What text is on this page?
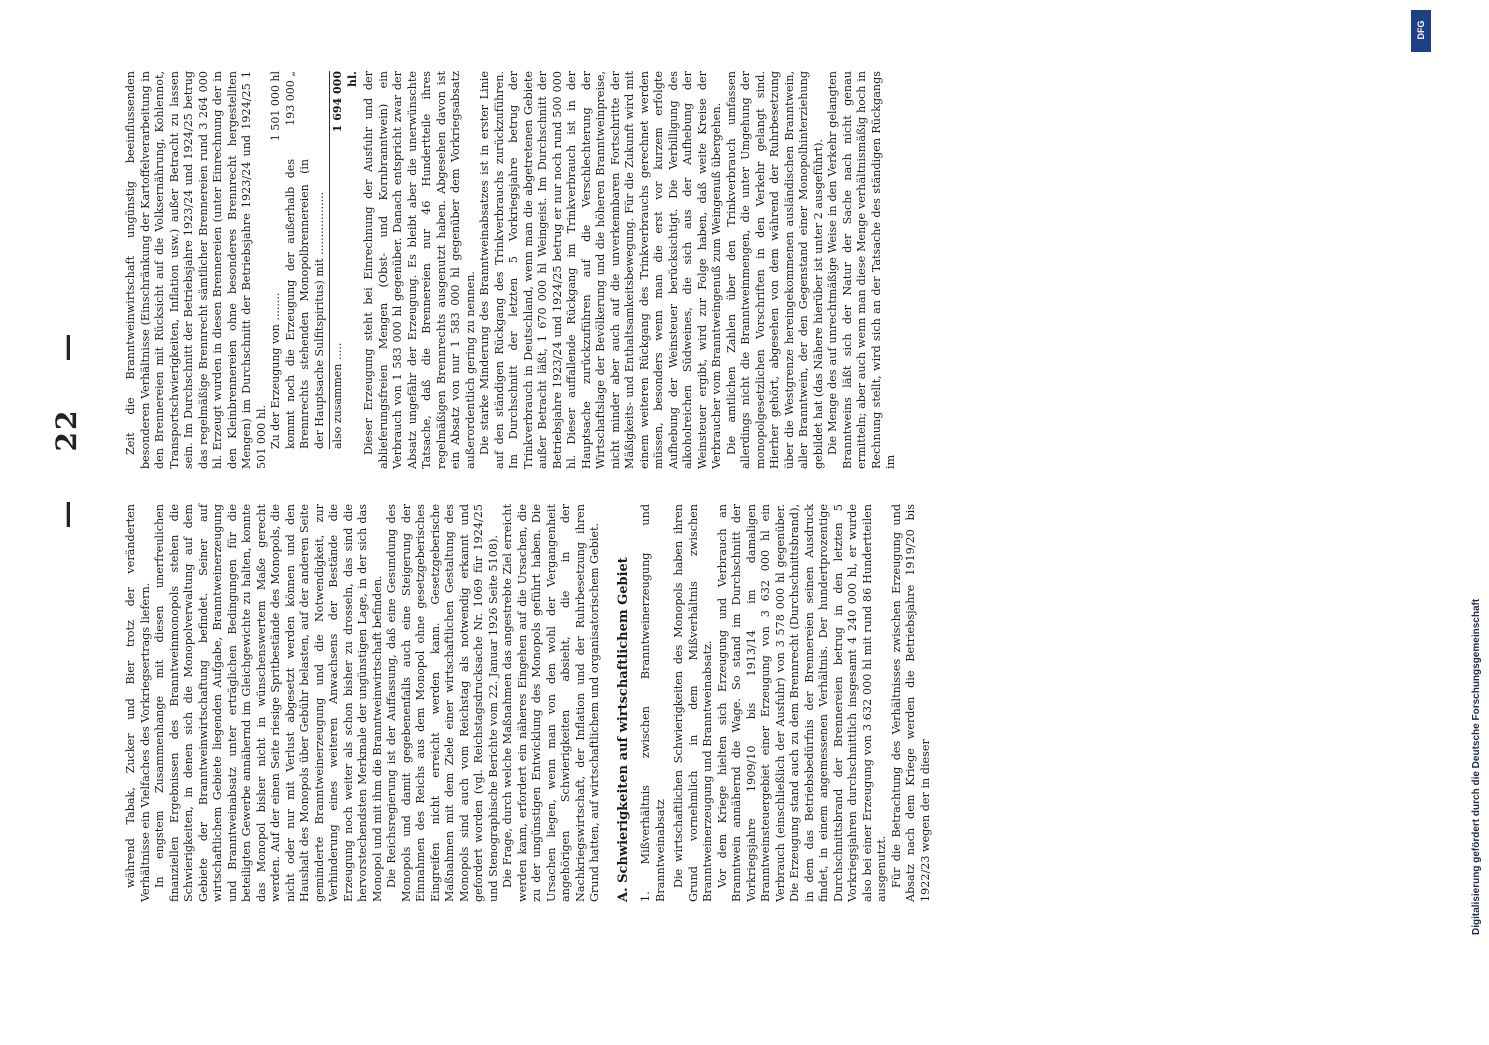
—    22    —

während Tabak, Zucker und Bier trotz der veränderten Verhältnisse ein Vielfaches des Vorkriegsertrags liefern. In engstem Zusammenhange mit diesen unerfreulichen finanziellen Ergebnissen des Branntweinmonopols stehen die Schwierigkeiten, in denen sich die Monopolverwaltung auf dem Gebiete der Branntweinwirtschaftung befindet. Seiner auf wirtschaftlichem Gebiete liegenden Aufgabe, Branntweinerzeugung und Branntweinabsatz unter erträglichen Bedingungen für die beteiligten Gewerbe annähernd im Gleichgewichte zu halten, konnte das Monopol bisher nicht in wünschenswertem Maße gerecht werden. Auf der einen Seite riesige Spritbestände des Monopols, die nicht oder nur mit Verlust abgesetzt werden können und den Haushalt des Monopols über Gebühr belasten, auf der anderen Seite geminderte Branntweinerzeugung und die Notwendigkeit, zur Verhinderung eines weiteren Anwachsens der Bestände die Erzeugung noch weiter als schon bisher zu drosseln, das sind die hervorstechendsten Merkmale der ungünstigen Lage, in der sich das Monopol und mit ihm die Branntweinwirtschaft befinden. Die Reichsregierung ist der Auffassung, daß eine Gesundung des Monopols und damit gegebenenfalls auch eine Steigerung der Einnahmen des Reichs aus dem Monopol ohne gesetzgeberisches Eingreifen nicht erreicht werden kann. Gesetzgeberische Maßnahmen mit dem Ziele einer wirtschaftlichen Gestaltung des Monopols sind auch vom Reichstag als notwendig erkannt und gefordert worden (vgl. Reichstagsdrucksache Nr. 1069 für 1924/25 und Stenographische Berichte vom 22. Januar 1926 Seite 5108). Die Frage, durch welche Maßnahmen das angestrebte Ziel erreicht werden kann, erfordert ein näheres Eingehen auf die Ursachen, die zu der ungünstigen Entwicklung des Monopols geführt haben. Die Ursachen liegen, wenn man von den wohl der Vergangenheit angehörigen Schwierigkeiten absieht, die in der Nachkriegswirtschaft, der Inflation und der Ruhrbesetzung ihren Grund hatten, auf wirtschaftlichem und organisatorischem Gebiet. A. Schwierigkeiten auf wirtschaftlichem Gebiet 1. Mißverhältnis zwischen Branntweinerzeugung und Branntweinabsatz Die wirtschaftlichen Schwierigkeiten des Monopols haben ihren Grund vornehmlich in dem Mißverhältnis zwischen Branntweinerzeugung und Branntweinabsatz. Vor dem Kriege hielten sich Erzeugung und Verbrauch an Branntwein annähernd die Wage. So stand im Durchschnitt der Vorkriegsjahre 1909/10 bis 1913/14 im damaligen Branntweinsteuergebiet einer Erzeugung von 3 632 000 hl ein Verbrauch (einschließlich der Ausfuhr) von 3 578 000 hl gegenüber. Die Erzeugung stand auch zu dem Brennrecht (Durchschnittsbrand), in dem das Betriebsbedürfnis der Brennereien seinen Ausdruck findet, in einem angemessenen Verhältnis. Der hundertprozentige Durchschnittsbrand der Brennereien betrug in den letzten 5 Vorkriegsjahren durchschnittlich insgesamt 4 240 000 hl, er wurde also bei einer Erzeugung von 3 632 000 hl mit rund 86 Hundertteilen ausgenutzt. Für die Betrachtung des Verhältnisses zwischen Erzeugung und Absatz nach dem Kriege werden die Betriebsjahre 1919/20 bis 1922/23 wegen der in dieser

Zeit die Branntweinwirtschaft ungünstig beeinflussenden besonderen Verhältnisse (Einschränkung der Kartoffelverarbeitung in den Brennereien mit Rücksicht auf die Volksernährung, Kohlennot, Transportschwierigkeiten, Inflation usw.) außer Betracht zu lassen sein. Im Durchschnitt der Betriebsjahre 1923/24 und 1924/25 betrug das regelmäßige Brennrecht sämtlicher Brennereien rund 3 264 000 hl. Erzeugt wurden in diesen Brennereien (unter Einrechnung der in den Kleinbrennereien ohne besonderes Brennrecht hergestellten Mengen) im Durchschnitt der Betriebsjahre 1923/24 und 1924/25 1 501 000 hl. Zu der Erzeugung von ........
1 501 000 hl
kommt noch die Erzeugung der außerhalb des Brennrechts stehenden Monopolbrennereien (in der Hauptsache Sulfitspiritus) mit ..................
193 000 „
also zusammen .....
1 694 000 hl. Dieser Erzeugung steht bei Einrechnung der Ausfuhr und der ablieferungsfreien Mengen (Obst- und Kornbranntwein) ein Verbrauch von 1 583 000 hl gegenüber. Danach entspricht zwar der Absatz ungefähr der Erzeugung. Es bleibt aber die unerwünschte Tatsache, daß die Brennereien nur 46 Hundertteile ihres regelmäßigen Brennrechts ausgenutzt haben. Abgesehen davon ist ein Absatz von nur 1 583 000 hl gegenüber dem Vorkriegsabsatz außerordentlich gering zu nennen. Die starke Minderung des Branntweinabsatzes ist in erster Linie auf den ständigen Rückgang des Trinkverbrauchs zurückzuführen. Im Durchschnitt der letzten 5 Vorkriegsjahre betrug der Trinkverbrauch in Deutschland, wenn man die abgetretenen Gebiete außer Betracht läßt, 1 670 000 hl Weingeist. Im Durchschnitt der Betriebsjahre 1923/24 und 1924/25 betrug er nur noch rund 500 000 hl. Dieser auffallende Rückgang im Trinkverbrauch ist in der Hauptsache zurückzuführen auf die Verschlechterung der Wirtschaftslage der Bevölkerung und die höheren Branntweinpreise, nicht minder aber auch auf die unverkennbaren Fortschritte der Mäßigkeits- und Enthaltsamkeitsbewegung. Für die Zukunft wird mit einem weiteren Rückgang des Trinkverbrauchs gerechnet werden müssen, besonders wenn man die erst vor kurzem erfolgte Aufhebung der Weinsteuer berücksichtigt. Die Verbilligung des alkoholreichen Südweines, die sich aus der Aufhebung der Weinsteuer ergibt, wird zur Folge haben, daß weite Kreise der Verbraucher vom Branntweingenuß zum Weingenuß übergehen. Die amtlichen Zahlen über den Trinkverbrauch umfassen allerdings nicht die Branntweinmengen, die unter Umgehung der monopolgesetzlichen Vorschriften in den Verkehr gelangt sind. Hierher gehört, abgesehen von dem während der Ruhrbesetzung über die Westgrenze hereingekommenen ausländischen Branntwein, aller Branntwein, der den Gegenstand einer Monopolhinterziehung gebildet hat (das Nähere hierüber ist unter 2 ausgeführt). Die Menge des auf unrechtmäßige Weise in den Verkehr gelangten Branntweins läßt sich der Natur der Sache nach nicht genau ermitteln; aber auch wenn man diese Menge verhältnismäßig hoch in Rechnung stellt, wird sich an der Tatsache des ständigen Rückgangs im

DFG
Digitalisierung gefördert durch die Deutsche Forschungsgemeinschaft
